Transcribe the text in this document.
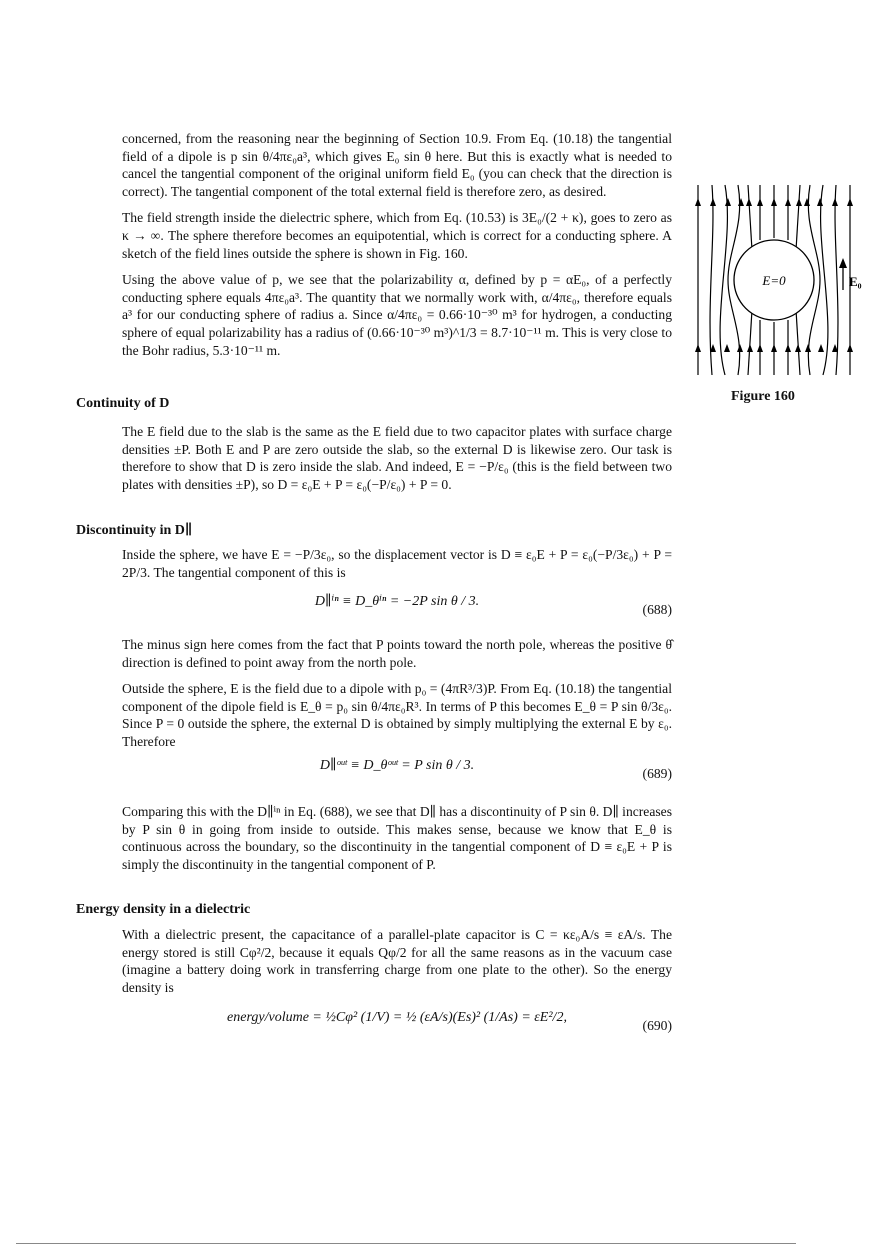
concerned, from the reasoning near the beginning of Section 10.9. From Eq. (10.18) the tangential field of a dipole is p sin θ/4πε₀a³, which gives E₀ sin θ here. But this is exactly what is needed to cancel the tangential component of the original uniform field E₀ (you can check that the direction is correct). The tangential component of the total external field is therefore zero, as desired.

The field strength inside the dielectric sphere, which from Eq. (10.53) is 3E₀/(2 + κ), goes to zero as κ → ∞. The sphere therefore becomes an equipotential, which is correct for a conducting sphere. A sketch of the field lines outside the sphere is shown in Fig. 160.

Using the above value of p, we see that the polarizability α, defined by p = αE₀, of a perfectly conducting sphere equals 4πε₀a³. The quantity that we normally work with, α/4πε₀, therefore equals a³ for our conducting sphere of radius a. Since α/4πε₀ = 0.66·10⁻³⁰ m³ for hydrogen, a conducting sphere of equal polarizability has a radius of (0.66·10⁻³⁰ m³)^1/3 = 8.7·10⁻¹¹ m. This is very close to the Bohr radius, 5.3·10⁻¹¹ m.

E=0	E₀
Figure 160
Continuity of D

The E field due to the slab is the same as the E field due to two capacitor plates with surface charge densities ±P. Both E and P are zero outside the slab, so the external D is likewise zero. Our task is therefore to show that D is zero inside the slab. And indeed, E = −P/ε₀ (this is the field between two plates with densities ±P), so D = ε₀E + P = ε₀(−P/ε₀) + P = 0.

Discontinuity in D∥

Inside the sphere, we have E = −P/3ε₀, so the displacement vector is D ≡ ε₀E + P = ε₀(−P/3ε₀) + P = 2P/3. The tangential component of this is

D∥ⁱⁿ ≡ D_θⁱⁿ = −2P sin θ / 3.
(688)

The minus sign here comes from the fact that P points toward the north pole, whereas the positive θ̂ direction is defined to point away from the north pole.

Outside the sphere, E is the field due to a dipole with p₀ = (4πR³/3)P. From Eq. (10.18) the tangential component of the dipole field is E_θ = p₀ sin θ/4πε₀R³. In terms of P this becomes E_θ = P sin θ/3ε₀. Since P = 0 outside the sphere, the external D is obtained by simply multiplying the external E by ε₀. Therefore

D∥ᵒᵘᵗ ≡ D_θᵒᵘᵗ = P sin θ / 3.
(689)

Comparing this with the D∥ⁱⁿ in Eq. (688), we see that D∥ has a discontinuity of P sin θ. D∥ increases by P sin θ in going from inside to outside. This makes sense, because we know that E_θ is continuous across the boundary, so the discontinuity in the tangential component of D ≡ ε₀E + P is simply the discontinuity in the tangential component of P.

Energy density in a dielectric

With a dielectric present, the capacitance of a parallel-plate capacitor is C = κε₀A/s ≡ εA/s. The energy stored is still Cφ²/2, because it equals Qφ/2 for all the same reasons as in the vacuum case (imagine a battery doing work in transferring charge from one plate to the other). So the energy density is

energy/volume = ½Cφ² (1/V) = ½ (εA/s)(Es)² (1/As) = εE²/2,
(690)
